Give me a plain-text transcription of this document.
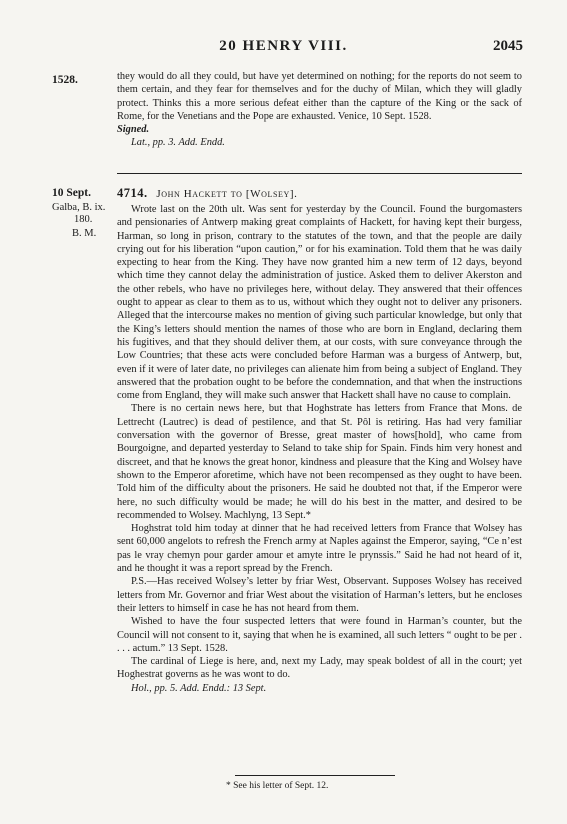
20 HENRY VIII.	2045
1528.	they would do all they could, but have yet determined on nothing; for the reports do not seem to them certain, and they fear for themselves and for the duchy of Milan, which they will gladly protect. Thinks this a more serious defeat either than the capture of the King or the sack of Rome, for the Venetians and the Pope are exhausted. Venice, 10 Sept. 1528.

Signed.

Lat., pp. 3. Add. Endd.

10 Sept.
Galba, B. ix.
180.
B. M.
4714. John Hackett to [Wolsey].

Wrote last on the 20th ult. Was sent for yesterday by the Council. Found the burgomasters and pensionaries of Antwerp making great complaints of Hackett, for having kept their burgess, Harman, so long in prison, contrary to the statutes of the town, and that the people are daily crying out for his liberation “upon caution,” or for his examination. Told them that he was daily expecting to hear from the King. They have now granted him a new term of 12 days, beyond which time they cannot delay the administration of justice. Asked them to deliver Akerston and the other rebels, who have no privileges here, without delay. They answered that their offences ought to appear as clear to them as to us, without which they ought not to deliver any prisoners. Alleged that the intercourse makes no mention of giving such particular knowledge, but only that the King’s letters should mention the names of those who are born in England, declaring them his fugitives, and that they should deliver them, at our costs, with sure conveyance through the Low Countries; that these acts were concluded before Harman was a burgess of Antwerp, but, even if it were of later date, no privileges can alienate him from being a subject of England. They answered that the probation ought to be before the condemnation, and that when the instructions come from England, they will make such answer that Hackett shall have no cause to complain.

There is no certain news here, but that Hoghstrate has letters from France that Mons. de Lettrecht (Lautrec) is dead of pestilence, and that St. Pôl is retiring. Has had very familiar conversation with the governor of Bresse, great master of hows[hold], who came from Bourgoigne, and departed yesterday to Seland to take ship for Spain. Finds him very honest and discreet, and that he knows the great honor, kindness and pleasure that the King and Wolsey have shown to the Emperor aforetime, which have not been recompensed as they ought to have been. Told him of the difficulty about the prisoners. He said he doubted not that, if the Emperor were here, no such difficulty would be made; he will do his best in the matter, and desired to be recommended to Wolsey. Machlyng, 13 Sept.*

Hoghstrat told him today at dinner that he had received letters from France that Wolsey has sent 60,000 angelots to refresh the French army at Naples against the Emperor, saying, “Ce n’est pas le vray chemyn pour garder amour et amyte intre le prynssis.” Said he had not heard of it, and he thought it was a report spread by the French.

P.S.—Has received Wolsey’s letter by friar West, Observant. Supposes Wolsey has received letters from Mr. Governor and friar West about the visitation of Harman’s letters, but he encloses their letters to himself in case he has not heard from them.

Wished to have the four suspected letters that were found in Harman’s counter, but the Council will not consent to it, saying that when he is examined, all such letters “ ought to be per . . . . actum.” 13 Sept. 1528.

The cardinal of Liege is here, and, next my Lady, may speak boldest of all in the court; yet Hoghestrat governs as he was wont to do.

Hol., pp. 5. Add. Endd.: 13 Sept.

* See his letter of Sept. 12.
